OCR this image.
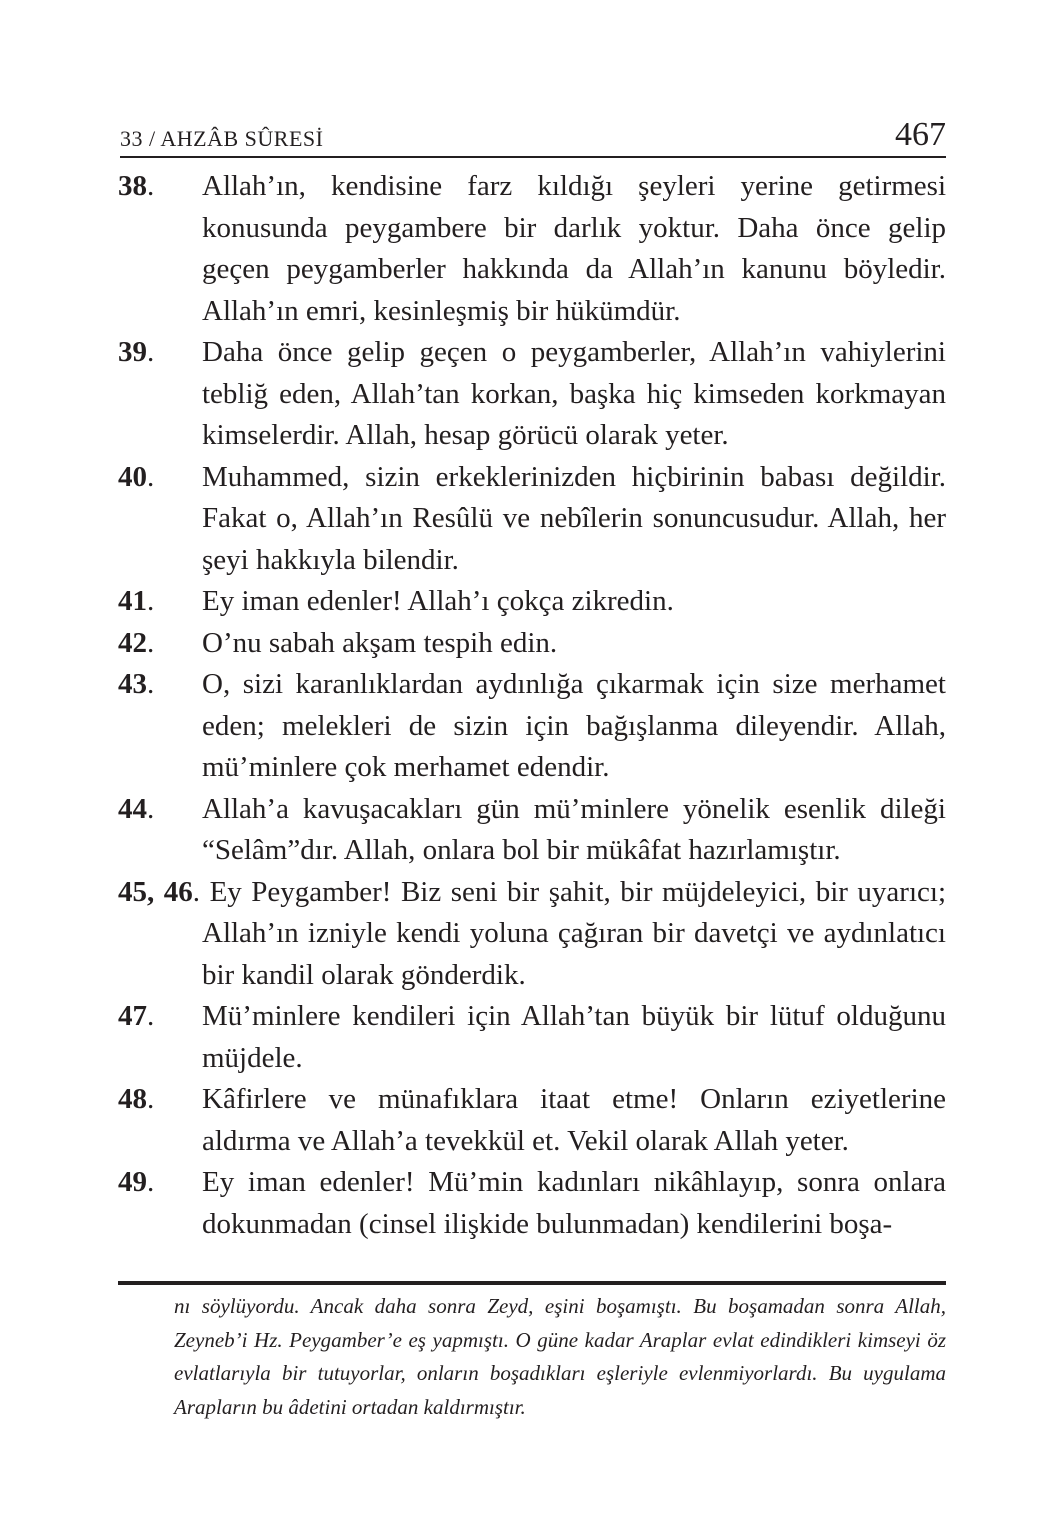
33 / AHZÂB SÛRESİ	467
38. Allah’ın, kendisine farz kıldığı şeyleri yerine getirmesi konusunda peygambere bir darlık yoktur. Daha önce gelip geçen peygamberler hakkında da Allah’ın kanunu böyledir. Allah’ın emri, kesinleşmiş bir hükümdür.
39. Daha önce gelip geçen o peygamberler, Allah’ın vahiylerini tebliğ eden, Allah’tan korkan, başka hiç kimseden korkmayan kimselerdir. Allah, hesap görücü olarak yeter.
40. Muhammed, sizin erkeklerinizden hiçbirinin babası değildir. Fakat o, Allah’ın Resûlü ve nebîlerin sonuncusudur. Allah, her şeyi hakkıyla bilendir.
41. Ey iman edenler! Allah’ı çokça zikredin.
42. O’nu sabah akşam tespih edin.
43. O, sizi karanlıklardan aydınlığa çıkarmak için size merhamet eden; melekleri de sizin için bağışlanma dileyendir. Allah, mü’minlere çok merhamet edendir.
44. Allah’a kavuşacakları gün mü’minlere yönelik esenlik dileği “Selâm”dır. Allah, onlara bol bir mükâfat hazırlamıştır.
45, 46. Ey Peygamber! Biz seni bir şahit, bir müjdeleyici, bir uyarıcı; Allah’ın izniyle kendi yoluna çağıran bir davetçi ve aydınlatıcı bir kandil olarak gönderdik.
47. Mü’minlere kendileri için Allah’tan büyük bir lütuf olduğunu müjdele.
48. Kâfirlere ve münafıklara itaat etme! Onların eziyetlerine aldırma ve Allah’a tevekkül et. Vekil olarak Allah yeter.
49. Ey iman edenler! Mü’min kadınları nikâhlayıp, sonra onlara dokunmadan (cinsel ilişkide bulunmadan) kendilerini boşa-
nı söylüyordu. Ancak daha sonra Zeyd, eşini boşamıştı. Bu boşamadan sonra Allah, Zeyneb’i Hz. Peygamber’e eş yapmıştı. O güne kadar Araplar evlat edindikleri kimseyi öz evlatlarıyla bir tutuyorlar, onların boşadıkları eşleriyle evlenmiyorlardı. Bu uygulama Arapların bu âdetini ortadan kaldırmıştır.
